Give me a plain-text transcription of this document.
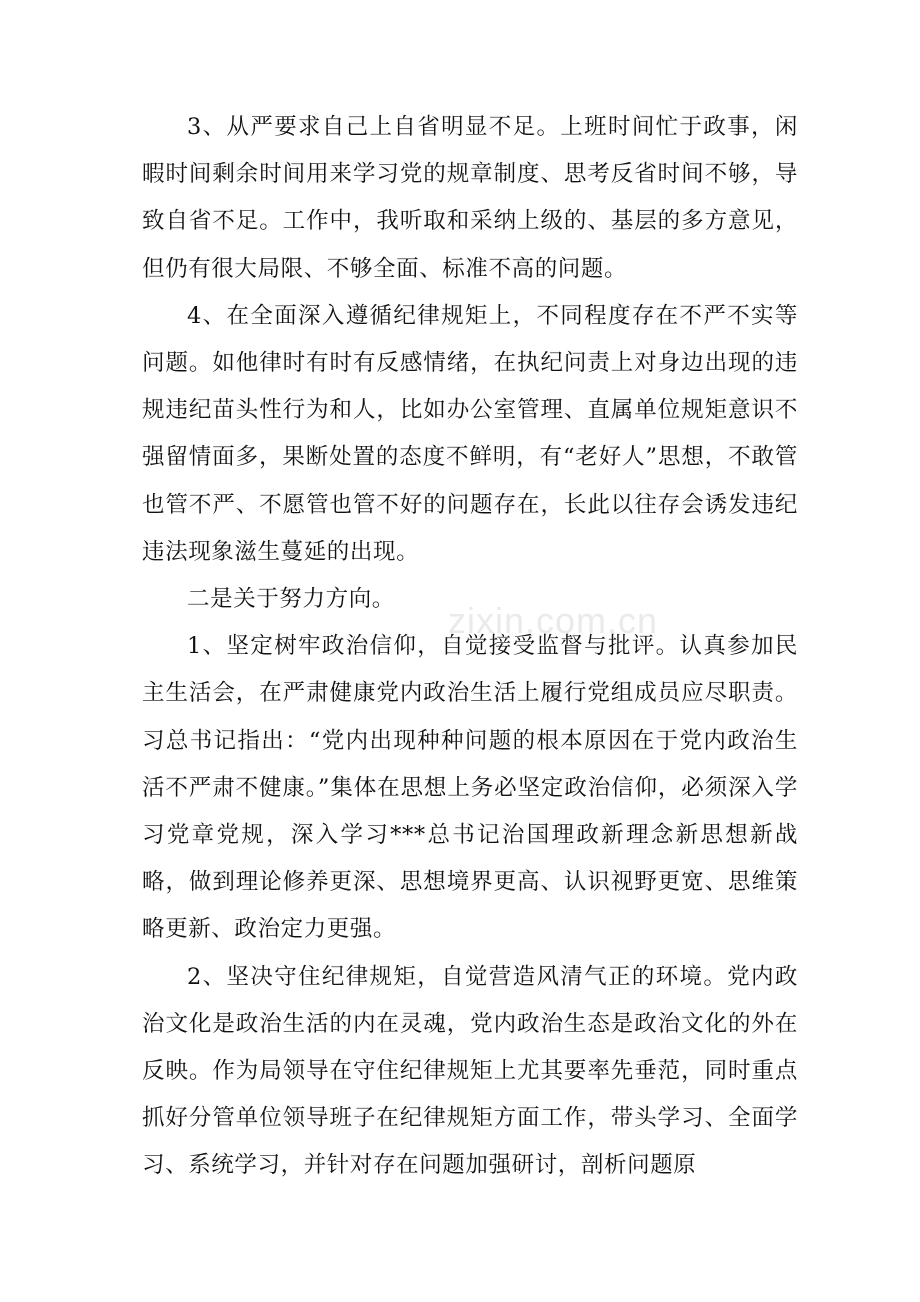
3、从严要求自己上自省明显不足。上班时间忙于政事，闲暇时间剩余时间用来学习党的规章制度、思考反省时间不够，导致自省不足。工作中，我听取和采纳上级的、基层的多方意见，但仍有很大局限、不够全面、标准不高的问题。

4、在全面深入遵循纪律规矩上，不同程度存在不严不实等问题。如他律时有时有反感情绪，在执纪问责上对身边出现的违规违纪苗头性行为和人，比如办公室管理、直属单位规矩意识不强留情面多，果断处置的态度不鲜明，有“老好人”思想，不敢管也管不严、不愿管也管不好的问题存在，长此以往存会诱发违纪违法现象滋生蔓延的出现。

二是关于努力方向。

1、坚定树牢政治信仰，自觉接受监督与批评。认真参加民主生活会，在严肃健康党内政治生活上履行党组成员应尽职责。习总书记指出：“党内出现种种问题的根本原因在于党内政治生活不严肃不健康。”集体在思想上务必坚定政治信仰，必须深入学习党章党规，深入学习***总书记治国理政新理念新思想新战略，做到理论修养更深、思想境界更高、认识视野更宽、思维策略更新、政治定力更强。

2、坚决守住纪律规矩，自觉营造风清气正的环境。党内政治文化是政治生活的内在灵魂，党内政治生态是政治文化的外在反映。作为局领导在守住纪律规矩上尤其要率先垂范，同时重点抓好分管单位领导班子在纪律规矩方面工作，带头学习、全面学习、系统学习，并针对存在问题加强研讨，剖析问题原

zixin.com.cn
